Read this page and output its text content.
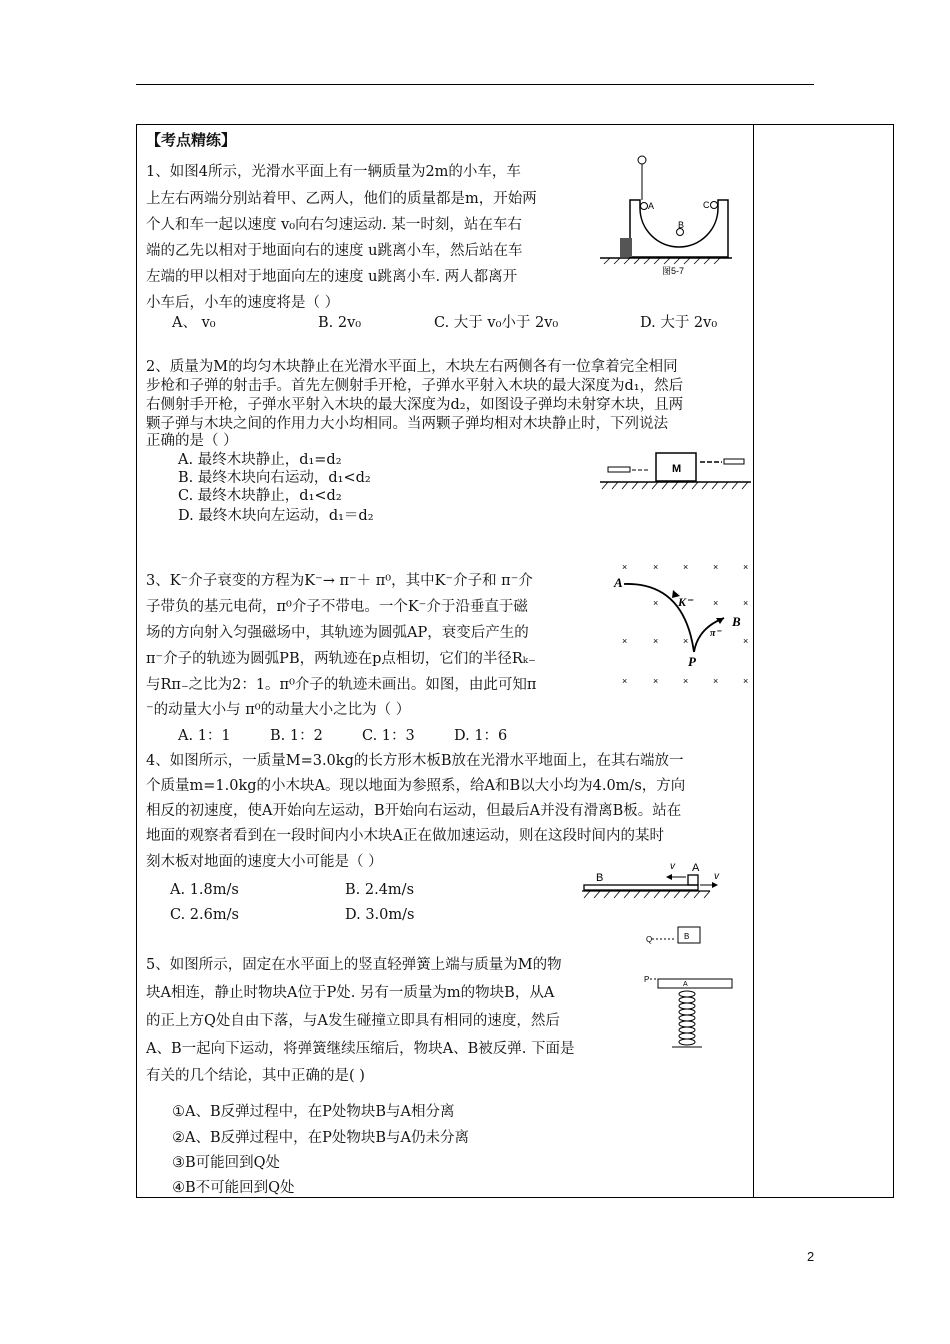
【考点精练】
1、如图4所示，光滑水平面上有一辆质量为2m的小车，车
上左右两端分别站着甲、乙两人，他们的质量都是m，开始两
个人和车一起以速度 v₀向右匀速运动. 某一时刻，站在车右
端的乙先以相对于地面向右的速度 u跳离小车，然后站在车
左端的甲以相对于地面向左的速度 u跳离小车. 两人都离开
小车后，小车的速度将是（ ）
A、 v₀	B. 2v₀	C. 大于 v₀小于 2v₀	D. 大于 2v₀
A	C
B
图5-7
2、质量为M的均匀木块静止在光滑水平面上，木块左右两侧各有一位拿着完全相同
步枪和子弹的射击手。首先左侧射手开枪，子弹水平射入木块的最大深度为d₁，然后
右侧射手开枪，子弹水平射入木块的最大深度为d₂，如图设子弹均未射穿木块，且两
颗子弹与木块之间的作用力大小均相同。当两颗子弹均相对木块静止时，下列说法
正确的是（ ）
A. 最终木块静止，d₁=d₂
B. 最终木块向右运动，d₁<d₂
C. 最终木块静止，d₁<d₂
D. 最终木块向左运动，d₁＝d₂
M
3、K⁻介子衰变的方程为K⁻→ π⁻＋ π⁰，其中K⁻介子和 π⁻介
子带负的基元电荷，π⁰介子不带电。一个K⁻介于沿垂直于磁
场的方向射入匀强磁场中，其轨迹为圆弧AP，衰变后产生的
π⁻介子的轨迹为圆弧PB，两轨迹在p点相切，它们的半径Rₖ₋
与Rπ₋之比为2：1。π⁰介子的轨迹未画出。如图，由此可知π
⁻的动量大小与 π⁰的动量大小之比为（ ）
A. 1：1	B. 1：2	C. 1：3	D. 1：6
×	×	×	×	×
×	×	×
×	×	×	×
×	×	×	×	×
A
K⁻
π⁻
B
P
4、如图所示，一质量M=3.0kg的长方形木板B放在光滑水平地面上，在其右端放一
个质量m=1.0kg的小木块A。现以地面为参照系，给A和B以大小均为4.0m/s，方向
相反的初速度，使A开始向左运动，B开始向右运动，但最后A并没有滑离B板。站在
地面的观察者看到在一段时间内小木块A正在做加速运动，则在这段时间内的某时
刻木板对地面的速度大小可能是（ ）
A. 1.8m/s	B. 2.4m/s
C. 2.6m/s	D. 3.0m/s
B
A
v
v
5、如图所示，固定在水平面上的竖直轻弹簧上端与质量为M的物
块A相连，静止时物块A位于P处. 另有一质量为m的物块B，从A
的正上方Q处自由下落，与A发生碰撞立即具有相同的速度，然后
A、B一起向下运动，将弹簧继续压缩后，物块A、B被反弹. 下面是
有关的几个结论，其中正确的是( )
①A、B反弹过程中，在P处物块B与A相分离
②A、B反弹过程中，在P处物块B与A仍未分离
③B可能回到Q处
④B不可能回到Q处
Q	B
P
A
2
